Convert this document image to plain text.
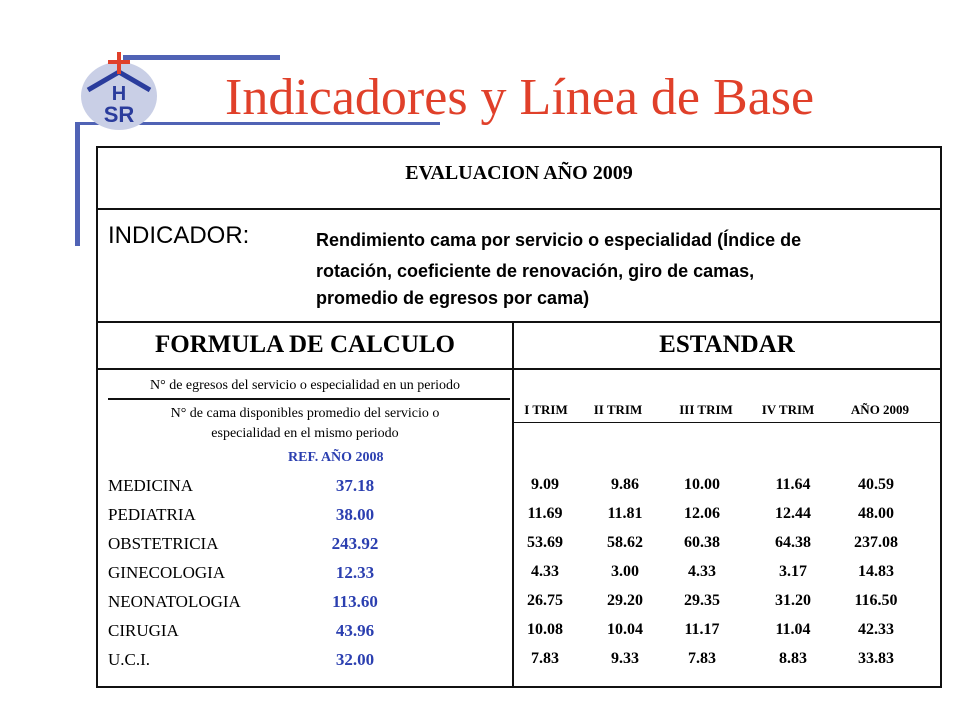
H
SR Indicadores y Línea de Base
EVALUACION AÑO 2009
INDICADOR:	Rendimiento cama por servicio o especialidad (Índice de
rotación, coeficiente de renovación, giro de camas,
promedio de egresos por cama)
FORMULA DE CALCULO	ESTANDAR
N° de egresos del servicio o especialidad en un periodo
N° de cama disponibles promedio del servicio o
especialidad en el mismo periodo
REF. AÑO 2008
I TRIM	II TRIM	III TRIM	IV TRIM	AÑO 2009
MEDICINA	37.18	9.09	9.86	10.00	11.64	40.59
PEDIATRIA	38.00	11.69	11.81	12.06	12.44	48.00
OBSTETRICIA	243.92	53.69	58.62	60.38	64.38	237.08
GINECOLOGIA	12.33	4.33	3.00	4.33	3.17	14.83
NEONATOLOGIA	113.60	26.75	29.20	29.35	31.20	116.50
CIRUGIA	43.96	10.08	10.04	11.17	11.04	42.33
U.C.I.	32.00	7.83	9.33	7.83	8.83	33.83
